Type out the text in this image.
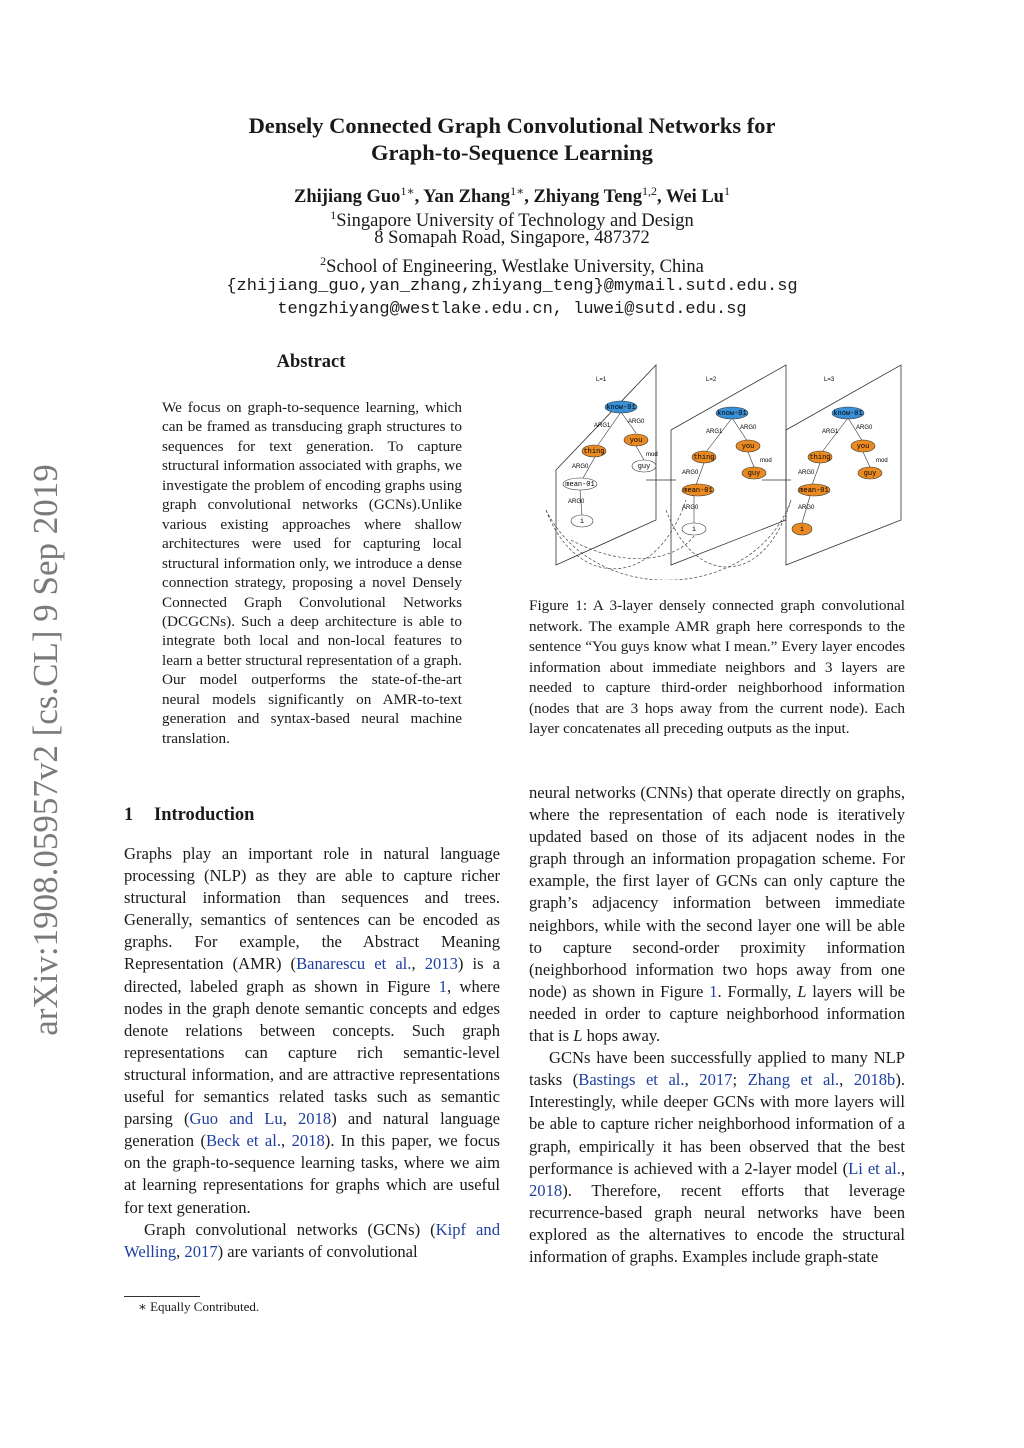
arXiv:1908.05957v2 [cs.CL] 9 Sep 2019
Densely Connected Graph Convolutional Networks for
Graph-to-Sequence Learning
Zhijiang Guo$^{1∗}$, Yan Zhang$^{1∗}$, Zhiyang Teng$^{1,2}$, Wei Lu$^1$
$^1$Singapore University of Technology and Design
8 Somapah Road, Singapore, 487372
$^2$School of Engineering, Westlake University, China
{zhijiang_guo,yan_zhang,zhiyang_teng}@mymail.sutd.edu.sg
tengzhiyang@westlake.edu.cn, luwei@sutd.edu.sg
Abstract
We focus on graph-to-sequence learning, which can be framed as transducing graph structures to sequences for text generation. To capture structural information associated with graphs, we investigate the problem of encoding graphs using graph convolutional networks (GCNs).Unlike various existing approaches where shallow architectures were used for capturing local structural information only, we introduce a dense connection strategy, proposing a novel Densely Connected Graph Convolutional Networks (DCGCNs). Such a deep architecture is able to integrate both local and non-local features to learn a better structural representation of a graph. Our model outperforms the state-of-the-art neural models significantly on AMR-to-text generation and syntax-based neural machine translation.
1 Introduction

Graphs play an important role in natural language processing (NLP) as they are able to capture richer structural information than sequences and trees. Generally, semantics of sentences can be encoded as graphs. For example, the Abstract Meaning Representation (AMR) (Banarescu et al., 2013) is a directed, labeled graph as shown in Figure 1, where nodes in the graph denote semantic concepts and edges denote relations between concepts. Such graph representations can capture rich semantic-level structural information, and are attractive representations useful for semantics related tasks such as semantic parsing (Guo and Lu, 2018) and natural language generation (Beck et al., 2018). In this paper, we focus on the graph-to-sequence learning tasks, where we aim at learning representations for graphs which are useful for text generation.

Graph convolutional networks (GCNs) (Kipf and Welling, 2017) are variants of convolutional

∗ Equally Contributed.
L=1	L=2	L=3
know-01
thing
you
guy
mean-01
i
ARG1
ARG0
mod
ARG0
ARG0
know-01
thing
you
guy
mean-01
i
ARG1
ARG0
mod
ARG0
ARG0
know-01
thing
you
guy
mean-01
i
ARG1
ARG0
mod
ARG0
ARG0
Figure 1: A 3-layer densely connected graph convolutional network. The example AMR graph here corresponds to the sentence “You guys know what I mean.” Every layer encodes information about immediate neighbors and 3 layers are needed to capture third-order neighborhood information (nodes that are 3 hops away from the current node). Each layer concatenates all preceding outputs as the input.

neural networks (CNNs) that operate directly on graphs, where the representation of each node is iteratively updated based on those of its adjacent nodes in the graph through an information propagation scheme. For example, the first layer of GCNs can only capture the graph’s adjacency information between immediate neighbors, while with the second layer one will be able to capture second-order proximity information (neighborhood information two hops away from one node) as shown in Figure 1. Formally, L layers will be needed in order to capture neighborhood information that is L hops away.

GCNs have been successfully applied to many NLP tasks (Bastings et al., 2017; Zhang et al., 2018b). Interestingly, while deeper GCNs with more layers will be able to capture richer neighborhood information of a graph, empirically it has been observed that the best performance is achieved with a 2-layer model (Li et al., 2018). Therefore, recent efforts that leverage recurrence-based graph neural networks have been explored as the alternatives to encode the structural information of graphs. Examples include graph-state
